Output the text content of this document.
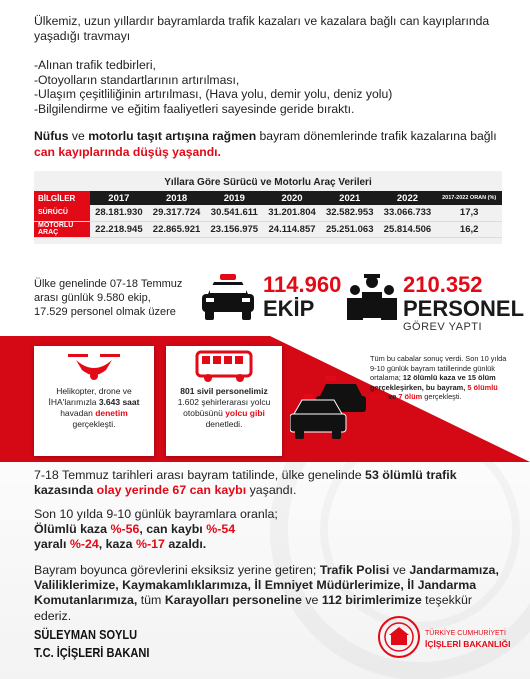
Ülkemiz, uzun yıllardır bayramlarda trafik kazaları ve kazalara bağlı can kayıplarında yaşadığı travmayı

-Alınan trafik tedbirleri,
-Otoyolların standartlarının artırılması,
-Ulaşım çeşitliliğinin artırılması, (Hava yolu, demir yolu, deniz yolu)
-Bilgilendirme ve eğitim faaliyetleri sayesinde geride bıraktı.
Nüfus ve motorlu taşıt artışına rağmen bayram dönemlerinde trafik kazalarına bağlı can kayıplarında düşüş yaşandı.
Yıllara Göre Sürücü ve Motorlu Araç Verileri
BİLGİLER	2017	2018	2019	2020	2021	2022	2017-2022 ORAN (%)
SÜRÜCÜ	28.181.930	29.317.724	30.541.611	31.201.804	32.582.953	33.066.733	17,3
MOTORLU ARAÇ	22.218.945	22.865.921	23.156.975	24.114.857	25.251.063	25.814.506	16,2
Ülke genelinde 07-18 Temmuz arası günlük 9.580 ekip, 17.529 personel olmak üzere
114.960
EKİP
210.352
PERSONEL
GÖREV YAPTI
Helikopter, drone ve İHA'larımızla 3.643 saat havadan denetim gerçekleşti.
801 sivil personelimiz 1.602 şehirlerarası yolcu otobüsünü yolcu gibi denetledi.
Tüm bu cabalar sonuç verdi. Son 10 yılda 9-10 günlük bayram tatillerinde günlük ortalama; 12 ölümlü kaza ve 15 ölüm gerçekleşirken, bu bayram, 5 ölümlü kaza ve 7 ölüm gerçekleşti.
7-18 Temmuz tarihleri arası bayram tatilinde, ülke genelinde 53 ölümlü trafik kazasında olay yerinde 67 can kaybı yaşandı.
Son 10 yılda 9-10 günlük bayramlara oranla;
Ölümlü kaza %-56, can kaybı %-54
yaralı %-24, kaza %-17 azaldı.
Bayram boyunca görevlerini eksiksiz yerine getiren; Trafik Polisi ve Jandarmamıza, Valiliklerimize, Kaymakamlıklarımıza, İl Emniyet Müdürlerimize, İl Jandarma Komutanlarımıza, tüm Karayolları personeline ve 112 birimlerimize teşekkür ederiz.
SÜLEYMAN SOYLU
T.C. İÇİŞLERİ BAKANI
TÜRKİYE CUMHURİYETİ
İÇİŞLERİ BAKANLIĞI
